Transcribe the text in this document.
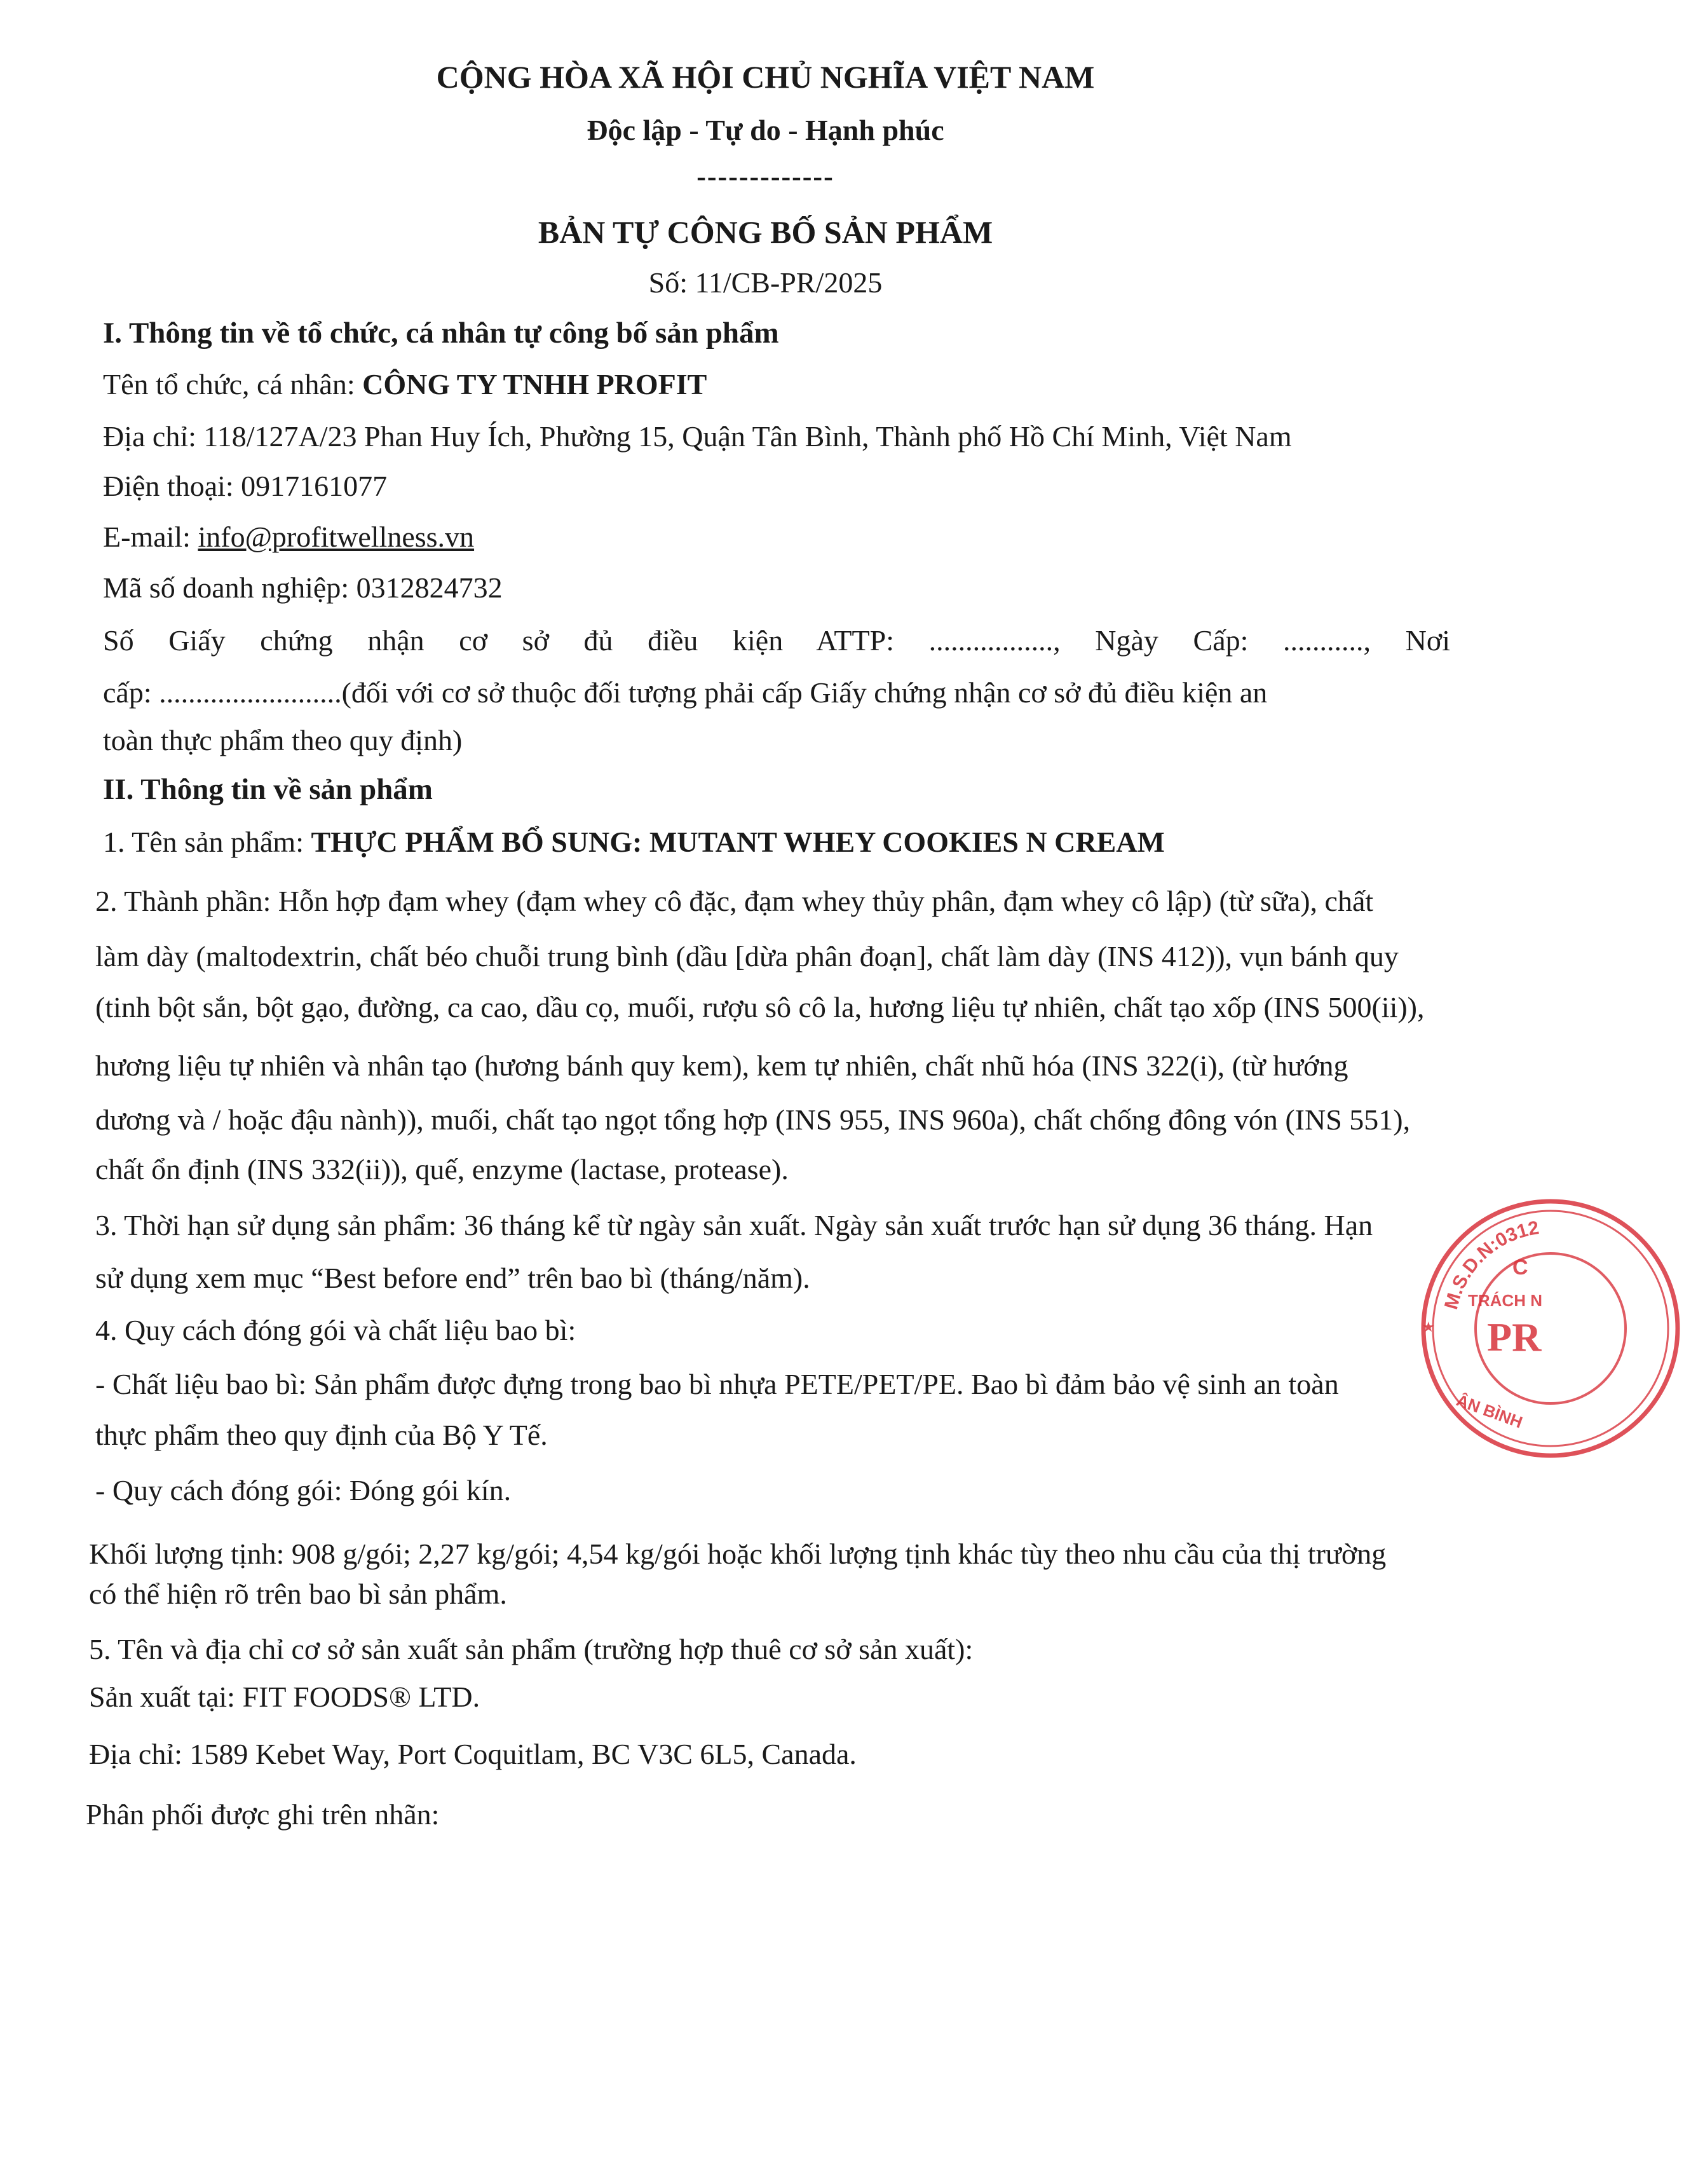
CỘNG HÒA XÃ HỘI CHỦ NGHĨA VIỆT NAM
Độc lập - Tự do - Hạnh phúc
-------------
BẢN TỰ CÔNG BỐ SẢN PHẨM
Số: 11/CB-PR/2025
I. Thông tin về tổ chức, cá nhân tự công bố sản phẩm
Tên tổ chức, cá nhân: CÔNG TY TNHH PROFIT
Địa chỉ: 118/127A/23 Phan Huy Ích, Phường 15, Quận Tân Bình, Thành phố Hồ Chí Minh, Việt Nam
Điện thoại: 0917161077
E-mail: info@profitwellness.vn
Mã số doanh nghiệp: 0312824732
Số Giấy chứng nhận cơ sở đủ điều kiện ATTP: ................., Ngày Cấp: ..........., Nơi
cấp: .........................(đối với cơ sở thuộc đối tượng phải cấp Giấy chứng nhận cơ sở đủ điều kiện an
toàn thực phẩm theo quy định)
II. Thông tin về sản phẩm
1. Tên sản phẩm: THỰC PHẨM BỔ SUNG: MUTANT WHEY COOKIES N CREAM
2. Thành phần: Hỗn hợp đạm whey (đạm whey cô đặc, đạm whey thủy phân, đạm whey cô lập) (từ sữa), chất
làm dày (maltodextrin, chất béo chuỗi trung bình (dầu [dừa phân đoạn], chất làm dày (INS 412)), vụn bánh quy
(tinh bột sắn, bột gạo, đường, ca cao, dầu cọ, muối, rượu sô cô la, hương liệu tự nhiên, chất tạo xốp (INS 500(ii)),
hương liệu tự nhiên và nhân tạo (hương bánh quy kem), kem tự nhiên, chất nhũ hóa (INS 322(i), (từ hướng
dương và / hoặc đậu nành)), muối, chất tạo ngọt tổng hợp (INS 955, INS 960a), chất chống đông vón (INS 551),
chất ổn định (INS 332(ii)), quế, enzyme (lactase, protease).
3. Thời hạn sử dụng sản phẩm: 36 tháng kể từ ngày sản xuất. Ngày sản xuất trước hạn sử dụng 36 tháng. Hạn
sử dụng xem mục “Best before end” trên bao bì (tháng/năm).
4. Quy cách đóng gói và chất liệu bao bì:
- Chất liệu bao bì: Sản phẩm được đựng trong bao bì nhựa PETE/PET/PE. Bao bì đảm bảo vệ sinh an toàn
thực phẩm theo quy định của Bộ Y Tế.
- Quy cách đóng gói: Đóng gói kín.
Khối lượng tịnh: 908 g/gói; 2,27 kg/gói; 4,54 kg/gói hoặc khối lượng tịnh khác tùy theo nhu cầu của thị trường
có thể hiện rõ trên bao bì sản phẩm.
5. Tên và địa chỉ cơ sở sản xuất sản phẩm (trường hợp thuê cơ sở sản xuất):
Sản xuất tại: FIT FOODS® LTD.
Địa chỉ: 1589 Kebet Way, Port Coquitlam, BC V3C 6L5, Canada.
Phân phối được ghi trên nhãn:
M.S.D.N:0312
C
TRÁCH N
PR
ÂN BÌNH
★
